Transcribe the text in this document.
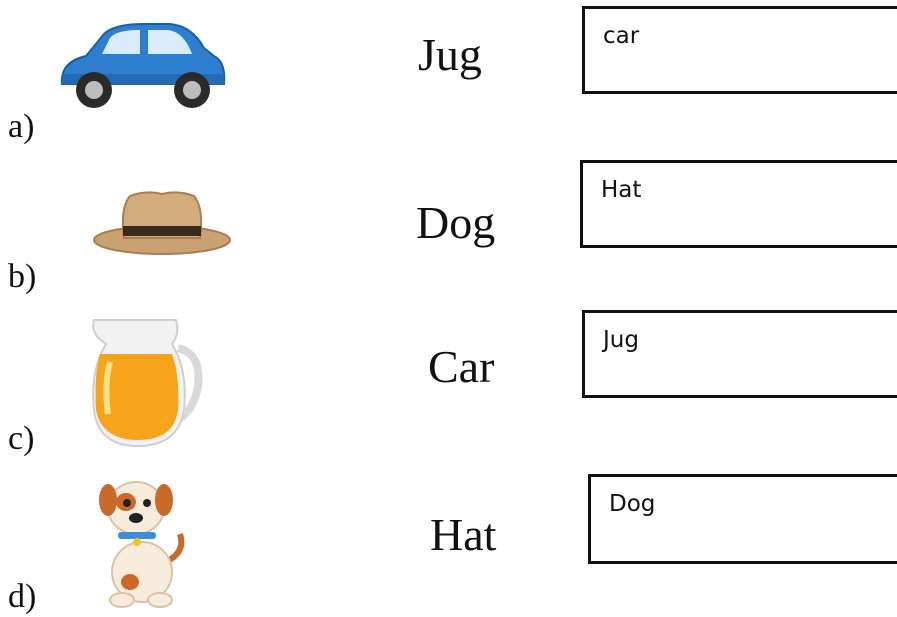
a)
Jug	car
b)
Dog
Hat
c)
Car
Jug
d)
Hat
Dog
